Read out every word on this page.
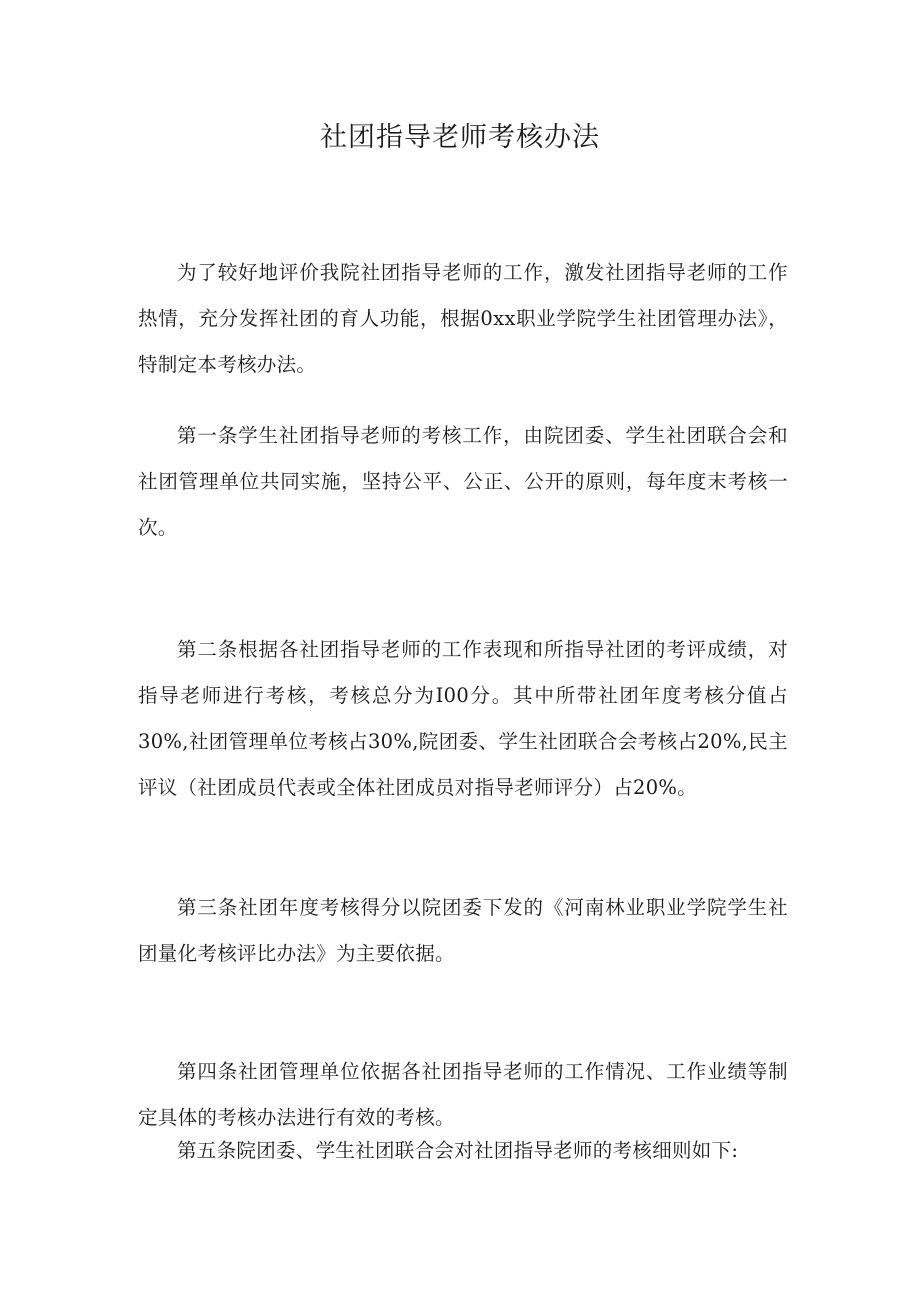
社团指导老师考核办法

为了较好地评价我院社团指导老师的工作，激发社团指导老师的工作热情，充分发挥社团的育人功能，根据0xx职业学院学生社团管理办法》，特制定本考核办法。

第一条学生社团指导老师的考核工作，由院团委、学生社团联合会和社团管理单位共同实施，坚持公平、公正、公开的原则，每年度末考核一次。

第二条根据各社团指导老师的工作表现和所指导社团的考评成绩，对指导老师进行考核，考核总分为I00分。其中所带社团年度考核分值占30%,社团管理单位考核占30%,院团委、学生社团联合会考核占20%,民主评议（社团成员代表或全体社团成员对指导老师评分）占20%。

第三条社团年度考核得分以院团委下发的《河南林业职业学院学生社团量化考核评比办法》为主要依据。

第四条社团管理单位依据各社团指导老师的工作情况、工作业绩等制定具体的考核办法进行有效的考核。

第五条院团委、学生社团联合会对社团指导老师的考核细则如下:
